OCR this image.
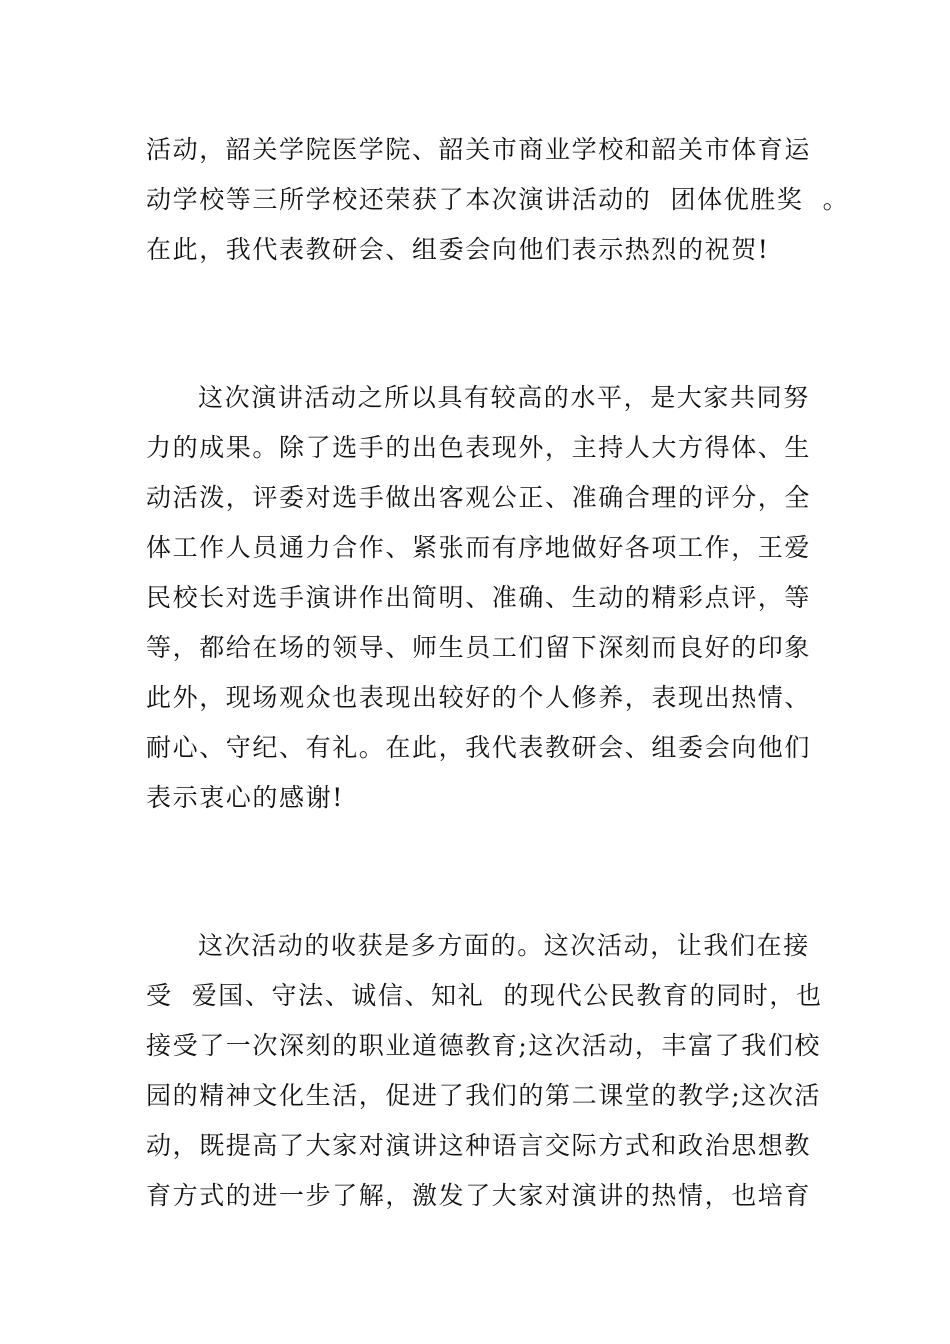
活动，韶关学院医学院、韶关市商业学校和韶关市体育运
动学校等三所学校还荣获了本次演讲活动的  团体优胜奖  。
在此，我代表教研会、组委会向他们表示热烈的祝贺!
这次演讲活动之所以具有较高的水平，是大家共同努
力的成果。除了选手的出色表现外，主持人大方得体、生
动活泼，评委对选手做出客观公正、准确合理的评分，全
体工作人员通力合作、紧张而有序地做好各项工作，王爱
民校长对选手演讲作出简明、准确、生动的精彩点评，等
等，都给在场的领导、师生员工们留下深刻而良好的印象
此外，现场观众也表现出较好的个人修养，表现出热情、
耐心、守纪、有礼。在此，我代表教研会、组委会向他们
表示衷心的感谢!
这次活动的收获是多方面的。这次活动，让我们在接
受  爱国、守法、诚信、知礼  的现代公民教育的同时，也
接受了一次深刻的职业道德教育;这次活动，丰富了我们校
园的精神文化生活，促进了我们的第二课堂的教学;这次活
动，既提高了大家对演讲这种语言交际方式和政治思想教
育方式的进一步了解，激发了大家对演讲的热情，也培育
